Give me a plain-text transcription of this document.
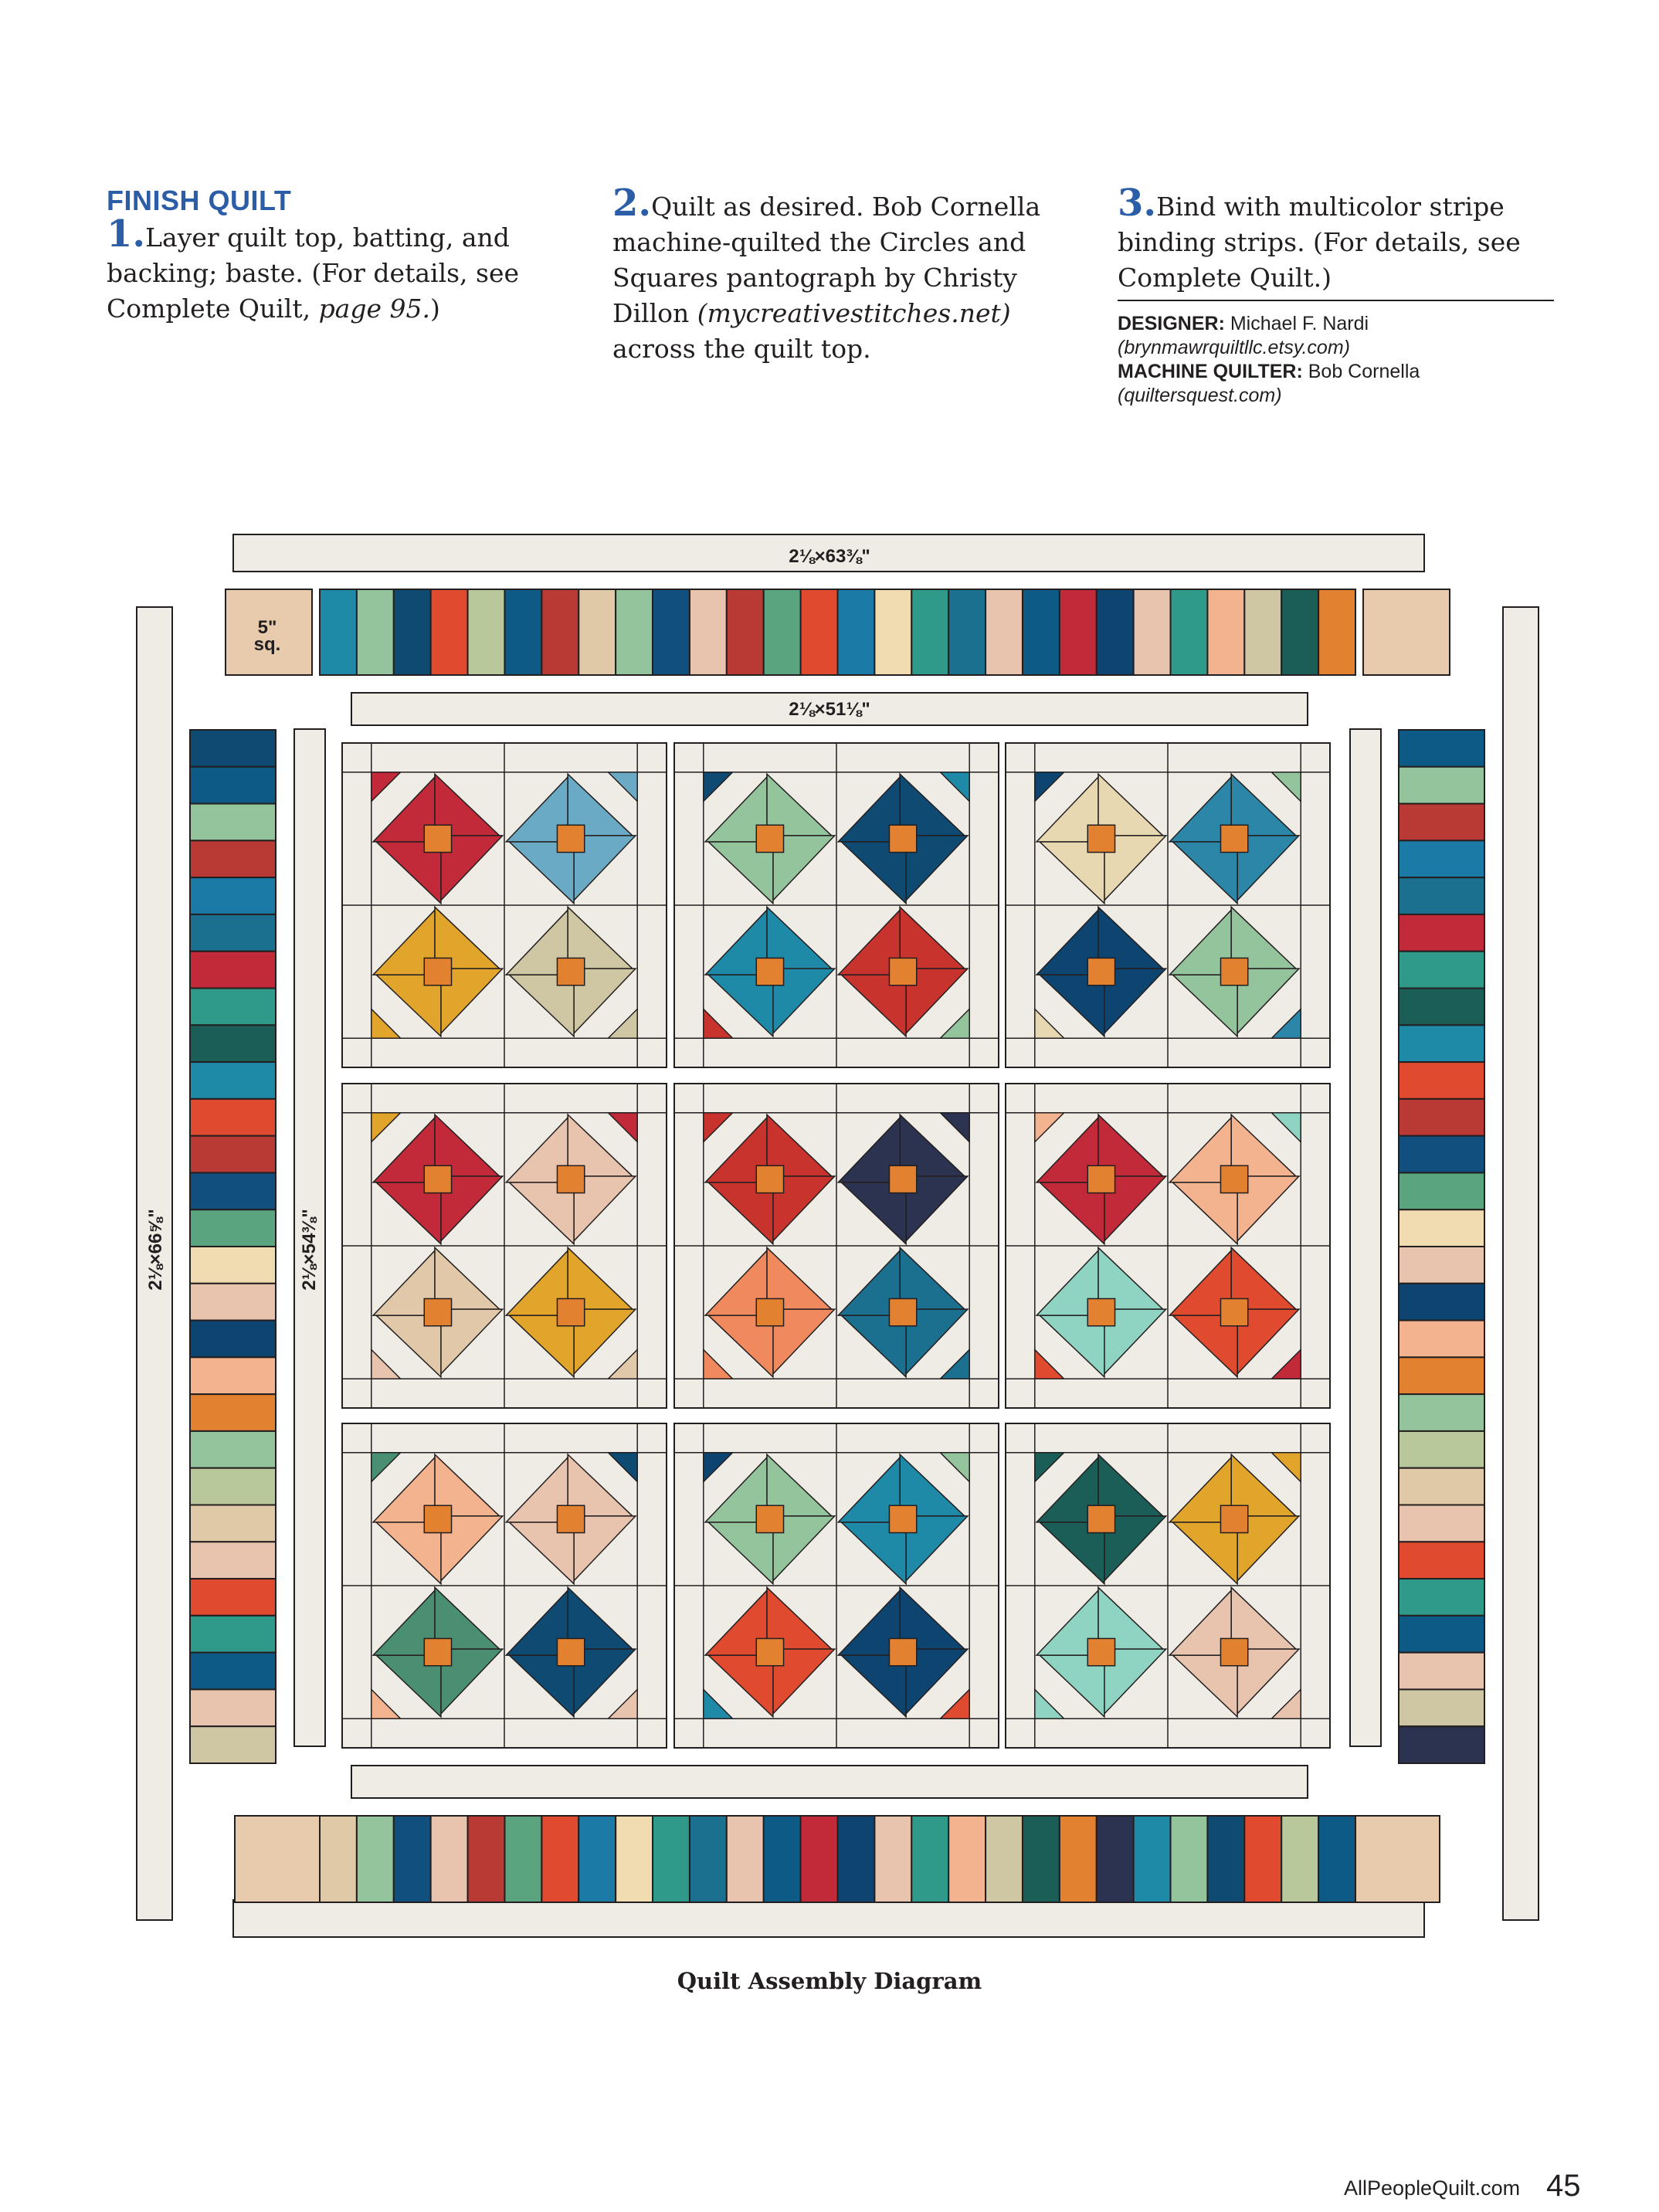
FINISH QUILT

1.Layer quilt top, batting, and backing; baste. (For details, see Complete Quilt, page 95.)

2.Quilt as desired. Bob Cornella machine-quilted the Circles and Squares pantograph by Christy Dillon (mycreativestitches.net) across the quilt top.

3.Bind with multicolor stripe binding strips. (For details, see Complete Quilt.)

DESIGNER: Michael F. Nardi
(brynmawrquiltllc.etsy.com)
MACHINE QUILTER: Bob Cornella
(quiltersquest.com)
2⅛×63⅜"
2⅛×51⅛"
5"
sq.
2⅛×66⅝"	2⅛×54⅜"
Quilt Assembly Diagram
AllPeopleQuilt.com 45
